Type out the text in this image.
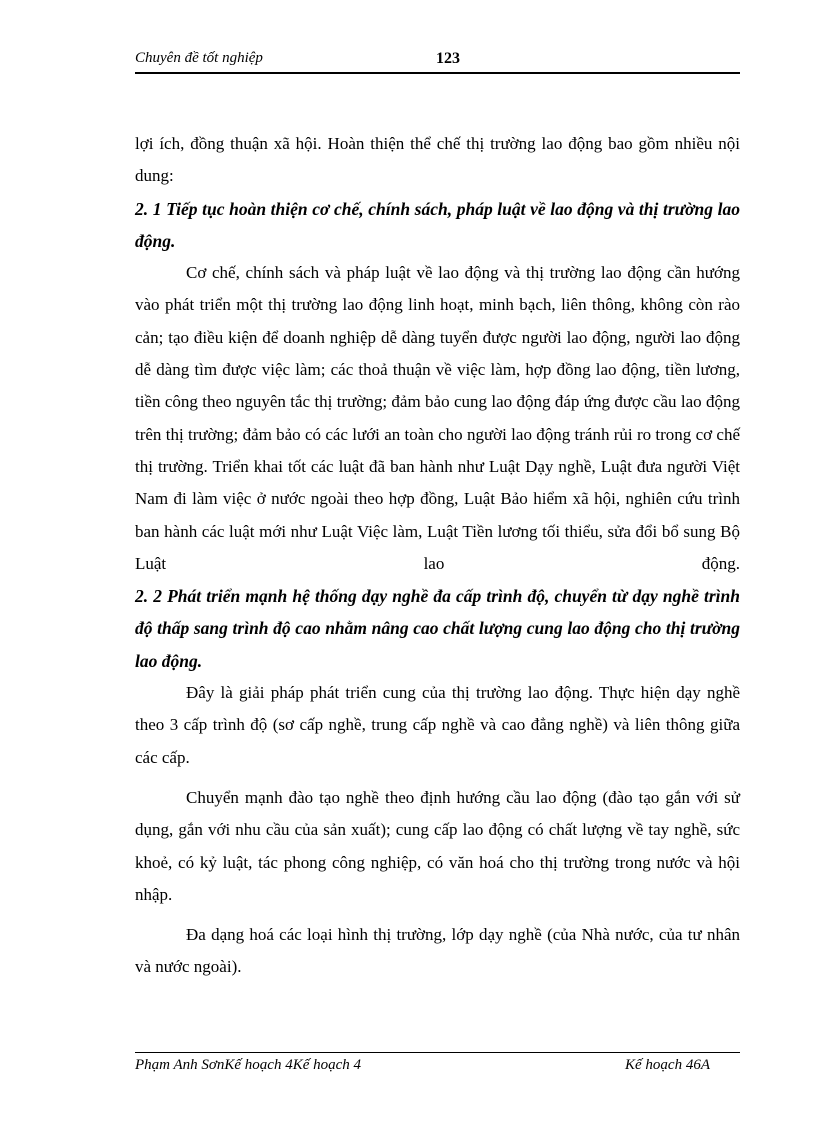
Chuyên đề tốt nghiệp	123

lợi ích, đồng thuận xã hội. Hoàn thiện thể chế thị trường lao động bao gồm nhiều nội dung:

2. 1 Tiếp tục hoàn thiện cơ chế, chính sách, pháp luật về lao động và thị trường lao động.

Cơ chế, chính sách và pháp luật về lao động và thị trường lao động cần hướng vào phát triển một thị trường lao động linh hoạt, minh bạch, liên thông, không còn rào cản; tạo điều kiện để doanh nghiệp dễ dàng tuyển được người lao động, người lao động dễ dàng tìm được việc làm; các thoả thuận về việc làm, hợp đồng lao động, tiền lương, tiền công theo nguyên tắc thị trường; đảm bảo cung lao động đáp ứng được cầu lao động trên thị trường; đảm bảo có các lưới an toàn cho người lao động tránh rủi ro trong cơ chế thị trường. Triển khai tốt các luật đã ban hành như Luật Dạy nghề, Luật đưa người Việt Nam đi làm việc ở nước ngoài theo hợp đồng, Luật Bảo hiểm xã hội, nghiên cứu trình ban hành các luật mới như Luật Việc làm, Luật Tiền lương tối thiểu, sửa đổi bổ sung Bộ Luật lao động.

2. 2 Phát triển mạnh hệ thống dạy nghề đa cấp trình độ, chuyển từ dạy nghề trình độ thấp sang trình độ cao nhằm nâng cao chất lượng cung lao động cho thị trường lao động.

Đây là giải pháp phát triển cung của thị trường lao động. Thực hiện dạy nghề theo 3 cấp trình độ (sơ cấp nghề, trung cấp nghề và cao đẳng nghề) và liên thông giữa các cấp.

Chuyển mạnh đào tạo nghề theo định hướng cầu lao động (đào tạo gắn với sử dụng, gắn với nhu cầu của sản xuất); cung cấp lao động có chất lượng về tay nghề, sức khoẻ, có kỷ luật, tác phong công nghiệp, có văn hoá cho thị trường trong nước và hội nhập.

Đa dạng hoá các loại hình thị trường, lớp dạy nghề (của Nhà nước, của tư nhân và nước ngoài).

Phạm Anh SơnKế hoạch 4Kế hoạch 4	Kế hoạch 46A
